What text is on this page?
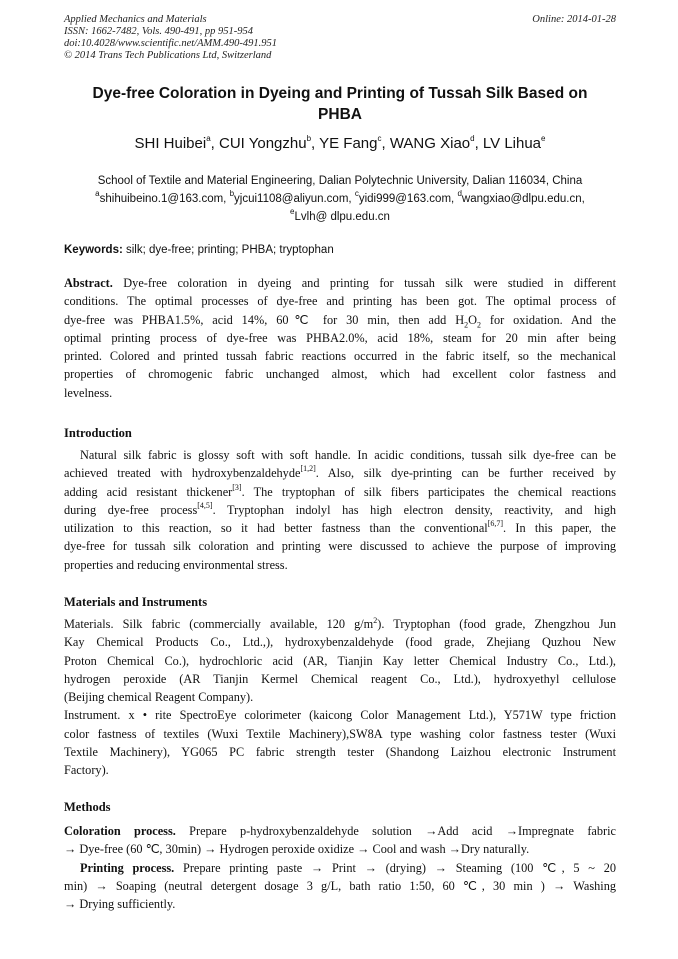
Applied Mechanics and Materials
ISSN: 1662-7482, Vols. 490-491, pp 951-954
doi:10.4028/www.scientific.net/AMM.490-491.951
© 2014 Trans Tech Publications Ltd, Switzerland
Online: 2014-01-28
Dye-free Coloration in Dyeing and Printing of Tussah Silk Based on
PHBA
SHI Huibei$^a$, CUI Yongzhu$^b$, YE Fang$^c$, WANG Xiao$^d$, LV Lihua$^e$
School of Textile and Material Engineering, Dalian Polytechnic University, Dalian 116034, China
$^a$shihuibeino.1@163.com, $^b$yjcui1108@aliyun.com, $^c$yidi999@163.com, $^d$wangxiao@dlpu.edu.cn,
$^e$Lvlh@ dlpu.edu.cn
Keywords: silk; dye-free; printing; PHBA; tryptophan
Abstract. Dye-free coloration in dyeing and printing for tussah silk were studied in different
conditions. The optimal processes of dye-free and printing has been got. The optimal process of
dye-free was PHBA1.5%, acid 14%, 60℃ for 30 min, then add $H_2O_2$ for oxidation. And the
optimal printing process of dye-free was PHBA2.0%, acid 18%, steam for 20 min after being
printed. Colored and printed tussah fabric reactions occurred in the fabric itself, so the mechanical
properties of chromogenic fabric unchanged almost, which had excellent color fastness and
levelness.
Introduction
Natural silk fabric is glossy soft with soft handle. In acidic conditions, tussah silk dye-free can be
achieved treated with hydroxybenzaldehyde[1,2]. Also, silk dye-printing can be further received by
adding acid resistant thickener[3]. The tryptophan of silk fibers participates the chemical reactions
during dye-free process[4,5]. Tryptophan indolyl has high electron density, reactivity, and high
utilization to this reaction, so it had better fastness than the conventional[6,7]. In this paper, the
dye-free for tussah silk coloration and printing were discussed to achieve the purpose of improving
properties and reducing environmental stress.
Materials and Instruments
Materials. Silk fabric (commercially available, 120 $g/m^2$). Tryptophan (food grade, Zhengzhou Jun
Kay Chemical Products Co., Ltd.,), hydroxybenzaldehyde (food grade, Zhejiang Quzhou New
Proton Chemical Co.), hydrochloric acid (AR, Tianjin Kay letter Chemical Industry Co., Ltd.),
hydrogen peroxide (AR Tianjin Kermel Chemical reagent Co., Ltd.), hydroxyethyl cellulose
(Beijing chemical Reagent Company).
Instrument. x • rite SpectroEye colorimeter (kaicong Color Management Ltd.), Y571W type friction
color fastness of textiles (Wuxi Textile Machinery),SW8A type washing color fastness tester (Wuxi
Textile Machinery), YG065 PC fabric strength tester (Shandong Laizhou electronic Instrument
Factory).
Methods
Coloration process. Prepare p-hydroxybenzaldehyde solution →Add acid →Impregnate fabric
→ Dye-free (60 ℃, 30min) → Hydrogen peroxide oxidize → Cool and wash →Dry naturally.
Printing process. Prepare printing paste → Print → (drying) → Steaming (100 ℃, 5 ~ 20
min) → Soaping (neutral detergent dosage 3 g/L, bath ratio 1:50, 60 ℃, 30 min ) → Washing
→ Drying sufficiently.
